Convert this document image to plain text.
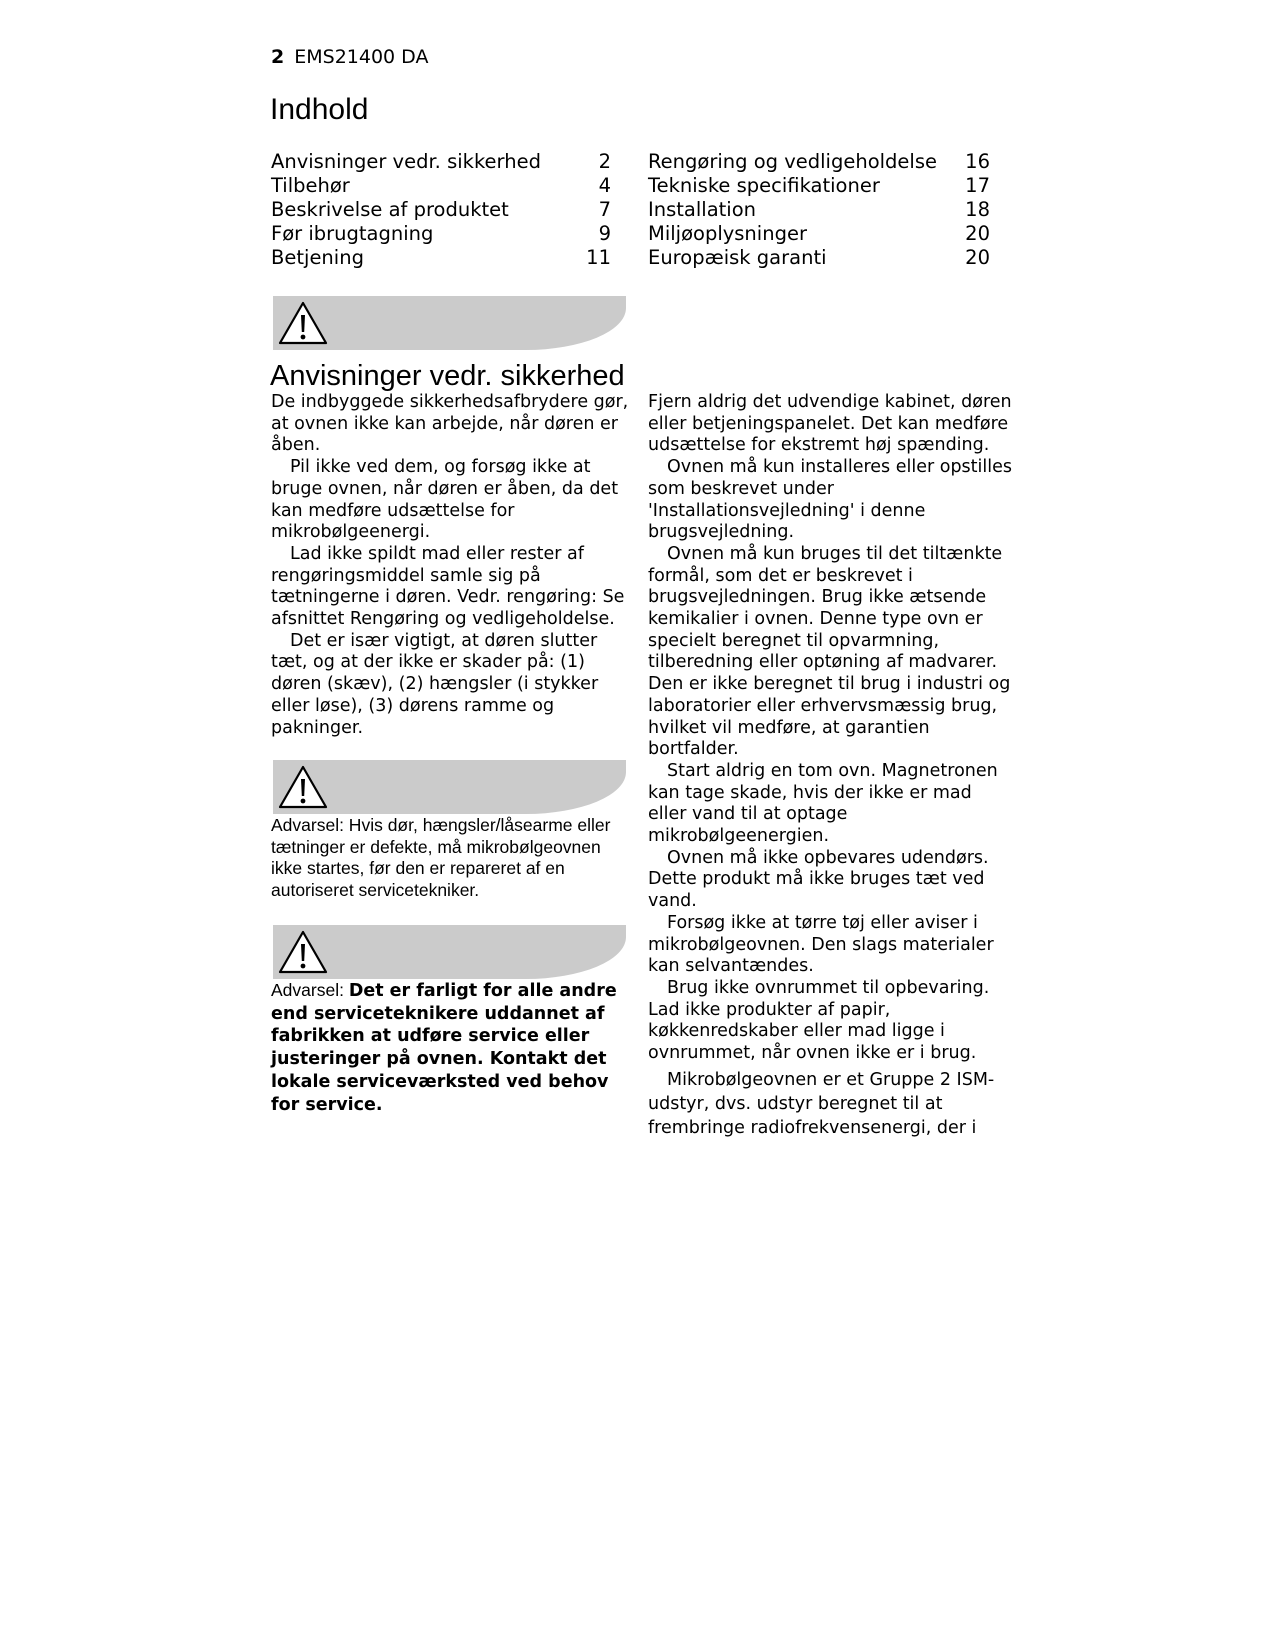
2 EMS21400 DA
Indhold
Anvisninger vedr. sikkerhed	2
Tilbehør	4
Beskrivelse af produktet	7
Før ibrugtagning	9
Betjening	11
Rengøring og vedligeholdelse 16
Tekniske specifikationer	17
Installation	18
Miljøoplysninger	20
Europæisk garanti	20
Anvisninger vedr. sikkerhed

De indbyggede sikkerhedsafbrydere gør, at ovnen ikke kan arbejde, når døren er åben.

Pil ikke ved dem, og forsøg ikke at bruge ovnen, når døren er åben, da det kan medføre udsættelse for mikrobølgeenergi.

Lad ikke spildt mad eller rester af rengøringsmiddel samle sig på tætningerne i døren. Vedr. rengøring: Se afsnittet Rengøring og vedligeholdelse.

Det er især vigtigt, at døren slutter tæt, og at der ikke er skader på: (1) døren (skæv), (2) hængsler (i stykker eller løse), (3) dørens ramme og pakninger.

Advarsel: Hvis dør, hængsler/låsearme eller tætninger er defekte, må mikrobølgeovnen ikke startes, før den er repareret af en autoriseret servicetekniker.
Advarsel: Det er farligt for alle andre end serviceteknikere uddannet af fabrikken at udføre service eller justeringer på ovnen. Kontakt det lokale serviceværksted ved behov for service.

Fjern aldrig det udvendige kabinet, døren eller betjeningspanelet. Det kan medføre udsættelse for ekstremt høj spænding.

Ovnen må kun installeres eller opstilles som beskrevet under 'Installationsvejledning' i denne brugsvejledning.

Ovnen må kun bruges til det tiltænkte formål, som det er beskrevet i brugsvejledningen. Brug ikke ætsende kemikalier i ovnen. Denne type ovn er specielt beregnet til opvarmning, tilberedning eller optøning af madvarer. Den er ikke beregnet til brug i industri og laboratorier eller erhvervsmæssig brug, hvilket vil medføre, at garantien bortfalder.

Start aldrig en tom ovn. Magnetronen kan tage skade, hvis der ikke er mad eller vand til at optage mikrobølgeenergien.

Ovnen må ikke opbevares udendørs. Dette produkt må ikke bruges tæt ved vand.

Forsøg ikke at tørre tøj eller aviser i mikrobølgeovnen. Den slags materialer kan selvantændes.

Brug ikke ovnrummet til opbevaring. Lad ikke produkter af papir, køkkenredskaber eller mad ligge i ovnrummet, når ovnen ikke er i brug.

Mikrobølgeovnen er et Gruppe 2 ISM-udstyr, dvs. udstyr beregnet til at frembringe radiofrekvensenergi, der i
